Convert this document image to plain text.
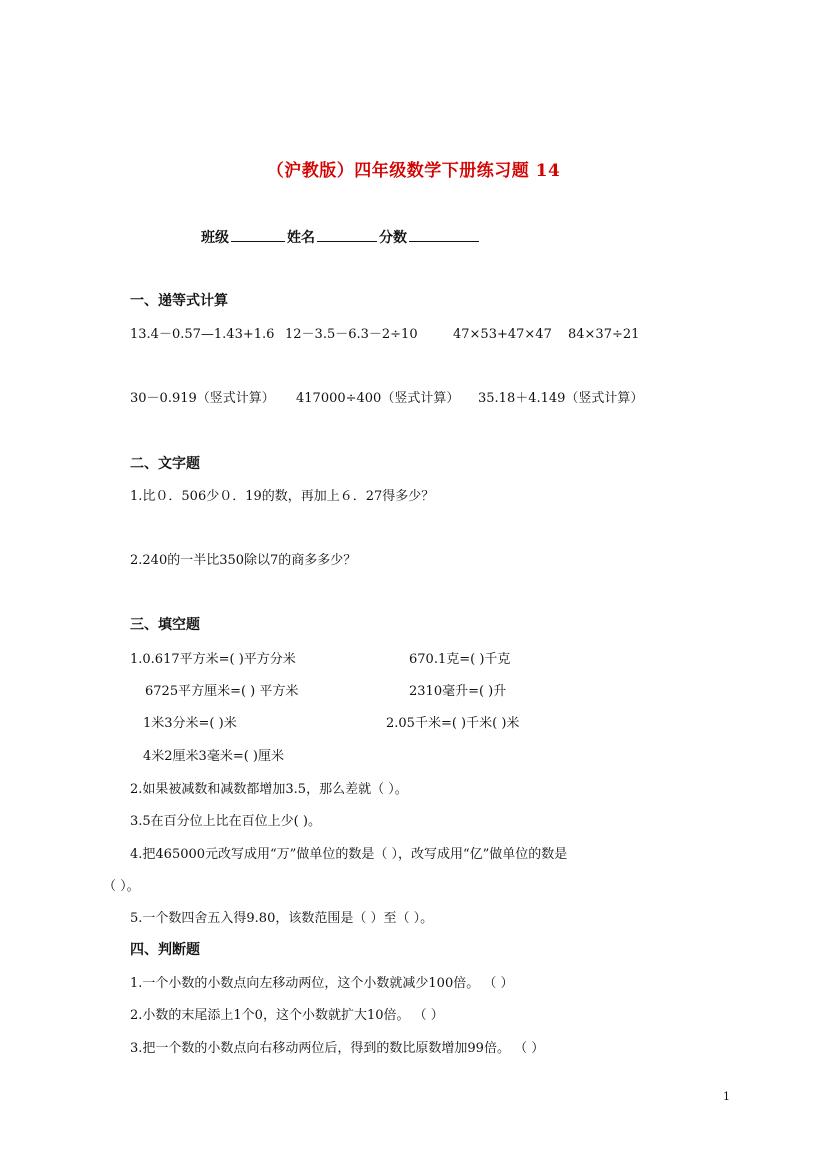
（沪教版）四年级数学下册练习题 14
班级	姓名	分数
一、递等式计算
13.4－0.57—1.43+1.6 12－3.5－6.3－2÷10	47×53+47×47 84×37÷21
30－0.919（竖式计算） 417000÷400（竖式计算） 35.18＋4.149（竖式计算）
二、文字题
1.比０．506少０．19的数，再加上６．27得多少？
2.240的一半比350除以7的商多多少？
三、填空题
1.0.617平方米=( )平方分米	670.1克=( )千克
6725平方厘米=( ) 平方米	2310毫升=( )升
1米3分米=( )米	2.05千米=( )千米( )米
4米2厘米3毫米=( )厘米
2.如果被减数和减数都增加3.5，那么差就（ ）。
3.5在百分位上比在百位上少( )。
4.把465000元改写成用“万”做单位的数是（ ），改写成用“亿”做单位的数是
（ ）。
5.一个数四舍五入得9.80，该数范围是（ ）至（ ）。
四、判断题
1.一个小数的小数点向左移动两位，这个小数就减少100倍。 （ ）
2.小数的末尾添上1个0，这个小数就扩大10倍。 （ ）
3.把一个数的小数点向右移动两位后，得到的数比原数增加99倍。 （ ）
1
